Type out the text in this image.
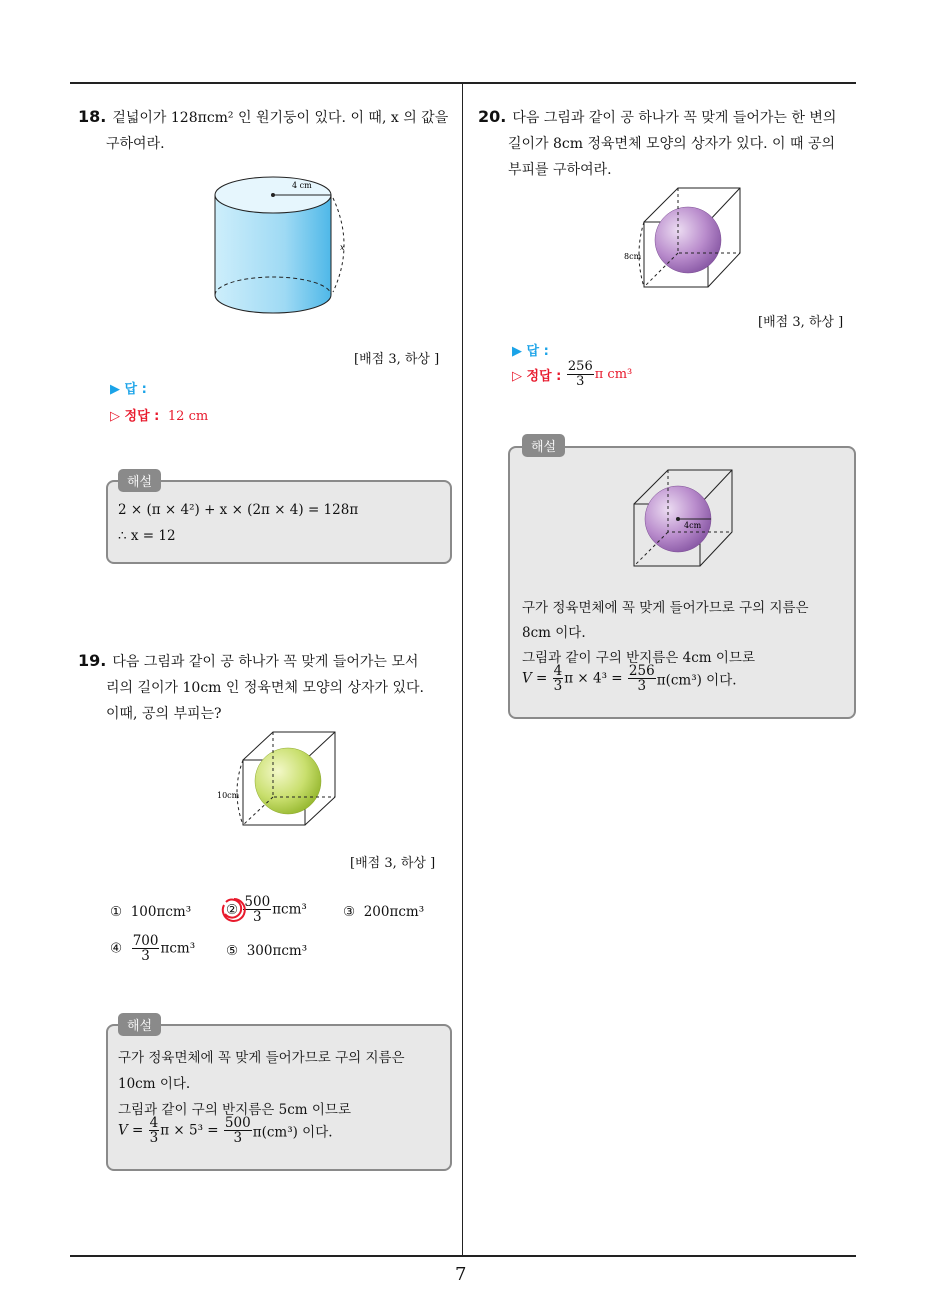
7
18. 겉넓이가 128πcm² 인 원기둥이 있다. 이 때, x 의 값을
구하여라.
4 cm
x
[배점 3, 하상 ]
▶ 답 :
▷ 정답 : 12 cm
해설
2 × (π × 4²) + x × (2π × 4) = 128π
∴ x = 12
19. 다음 그림과 같이 공 하나가 꼭 맞게 들어가는 모서
리의 길이가 10cm 인 정육면체 모양의 상자가 있다.
이때, 공의 부피는?
10cm
[배점 3, 하상 ]
① 100πcm³	②
$\frac{500}{3} \pi cm^3$	③ 200πcm³
④ $\frac{700}{3} \pi cm^3$ ⑤ 300πcm³
해설
구가 정육면체에 꼭 맞게 들어가므로 구의 지름은
10cm 이다.
그림과 같이 구의 반지름은 5cm 이므로
$V = \frac{4}{3}$ $\pi \times 5^3 = \frac{500}{3} \pi(cm^3)$ 이다.
20. 다음 그림과 같이 공 하나가 꼭 맞게 들어가는 한 변의
길이가 8cm 정육면체 모양의 상자가 있다. 이 때 공의
부피를 구하여라.
8cm
[배점 3, 하상 ]
▶ 답 :
▷ 정답 : $\frac{256}{3}$ π cm³
해설
4cm
구가 정육면체에 꼭 맞게 들어가므로 구의 지름은
8cm 이다.
그림과 같이 구의 반지름은 4cm 이므로
$V = \frac{4}{3}$ $\pi \times 4^3 = \frac{256}{3} \pi(cm^3)$ 이다.
